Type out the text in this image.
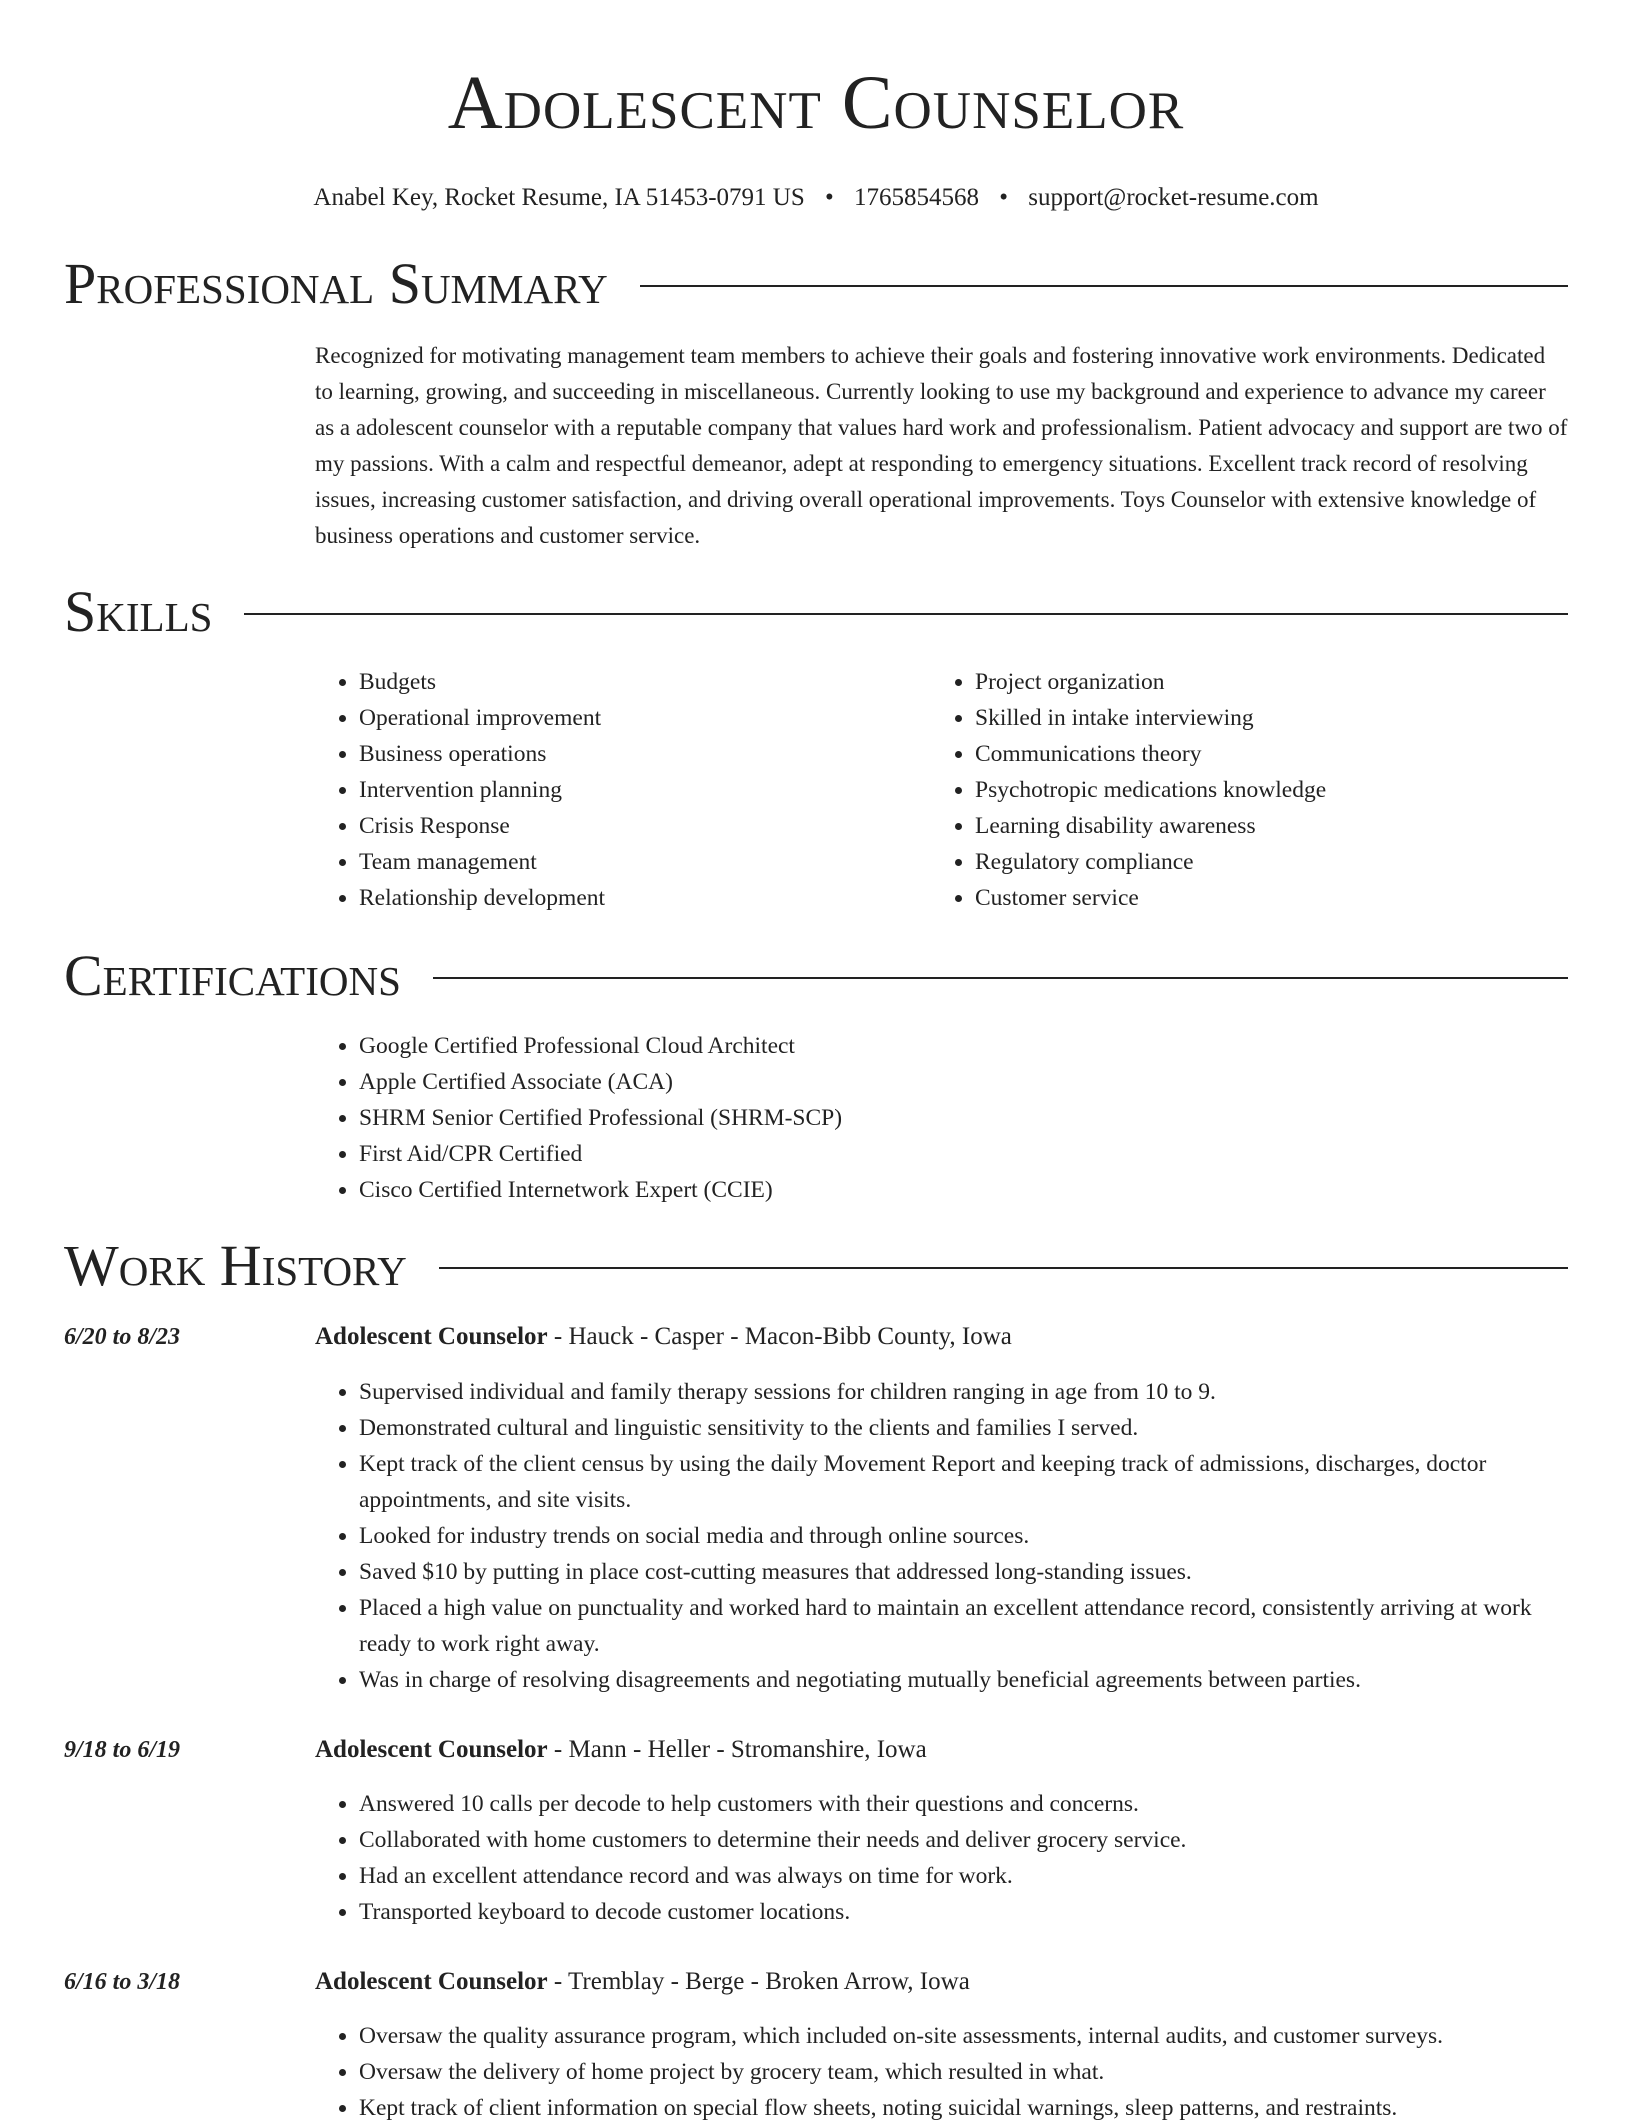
Adolescent Counselor
Anabel Key, Rocket Resume, IA 51453-0791 US • 1765854568 • support@rocket-resume.com
Professional Summary

Recognized for motivating management team members to achieve their goals and fostering innovative work environments. Dedicated to learning, growing, and succeeding in miscellaneous. Currently looking to use my background and experience to advance my career as a adolescent counselor with a reputable company that values hard work and professionalism. Patient advocacy and support are two of my passions. With a calm and respectful demeanor, adept at responding to emergency situations. Excellent track record of resolving issues, increasing customer satisfaction, and driving overall operational improvements. Toys Counselor with extensive knowledge of business operations and customer service.

Skills
• Budgets
• Operational improvement
• Business operations
• Intervention planning
• Crisis Response
• Team management
• Relationship development
• Project organization
• Skilled in intake interviewing
• Communications theory
• Psychotropic medications knowledge
• Learning disability awareness
• Regulatory compliance
• Customer service
Certifications
• Google Certified Professional Cloud Architect
• Apple Certified Associate (ACA)
• SHRM Senior Certified Professional (SHRM-SCP)
• First Aid/CPR Certified
• Cisco Certified Internetwork Expert (CCIE)
Work History
6/20 to 8/23	Adolescent Counselor - Hauck - Casper - Macon-Bibb County, Iowa
• Supervised individual and family therapy sessions for children ranging in age from 10 to 9.
• Demonstrated cultural and linguistic sensitivity to the clients and families I served.
• Kept track of the client census by using the daily Movement Report and keeping track of admissions, discharges, doctor appointments, and site visits.
• Looked for industry trends on social media and through online sources.
• Saved $10 by putting in place cost-cutting measures that addressed long-standing issues.
• Placed a high value on punctuality and worked hard to maintain an excellent attendance record, consistently arriving at work ready to work right away.
• Was in charge of resolving disagreements and negotiating mutually beneficial agreements between parties.
9/18 to 6/19	Adolescent Counselor - Mann - Heller - Stromanshire, Iowa
• Answered 10 calls per decode to help customers with their questions and concerns.
• Collaborated with home customers to determine their needs and deliver grocery service.
• Had an excellent attendance record and was always on time for work.
• Transported keyboard to decode customer locations.
6/16 to 3/18	Adolescent Counselor - Tremblay - Berge - Broken Arrow, Iowa
• Oversaw the quality assurance program, which included on-site assessments, internal audits, and customer surveys.
• Oversaw the delivery of home project by grocery team, which resulted in what.
• Kept track of client information on special flow sheets, noting suicidal warnings, sleep patterns, and restraints.
